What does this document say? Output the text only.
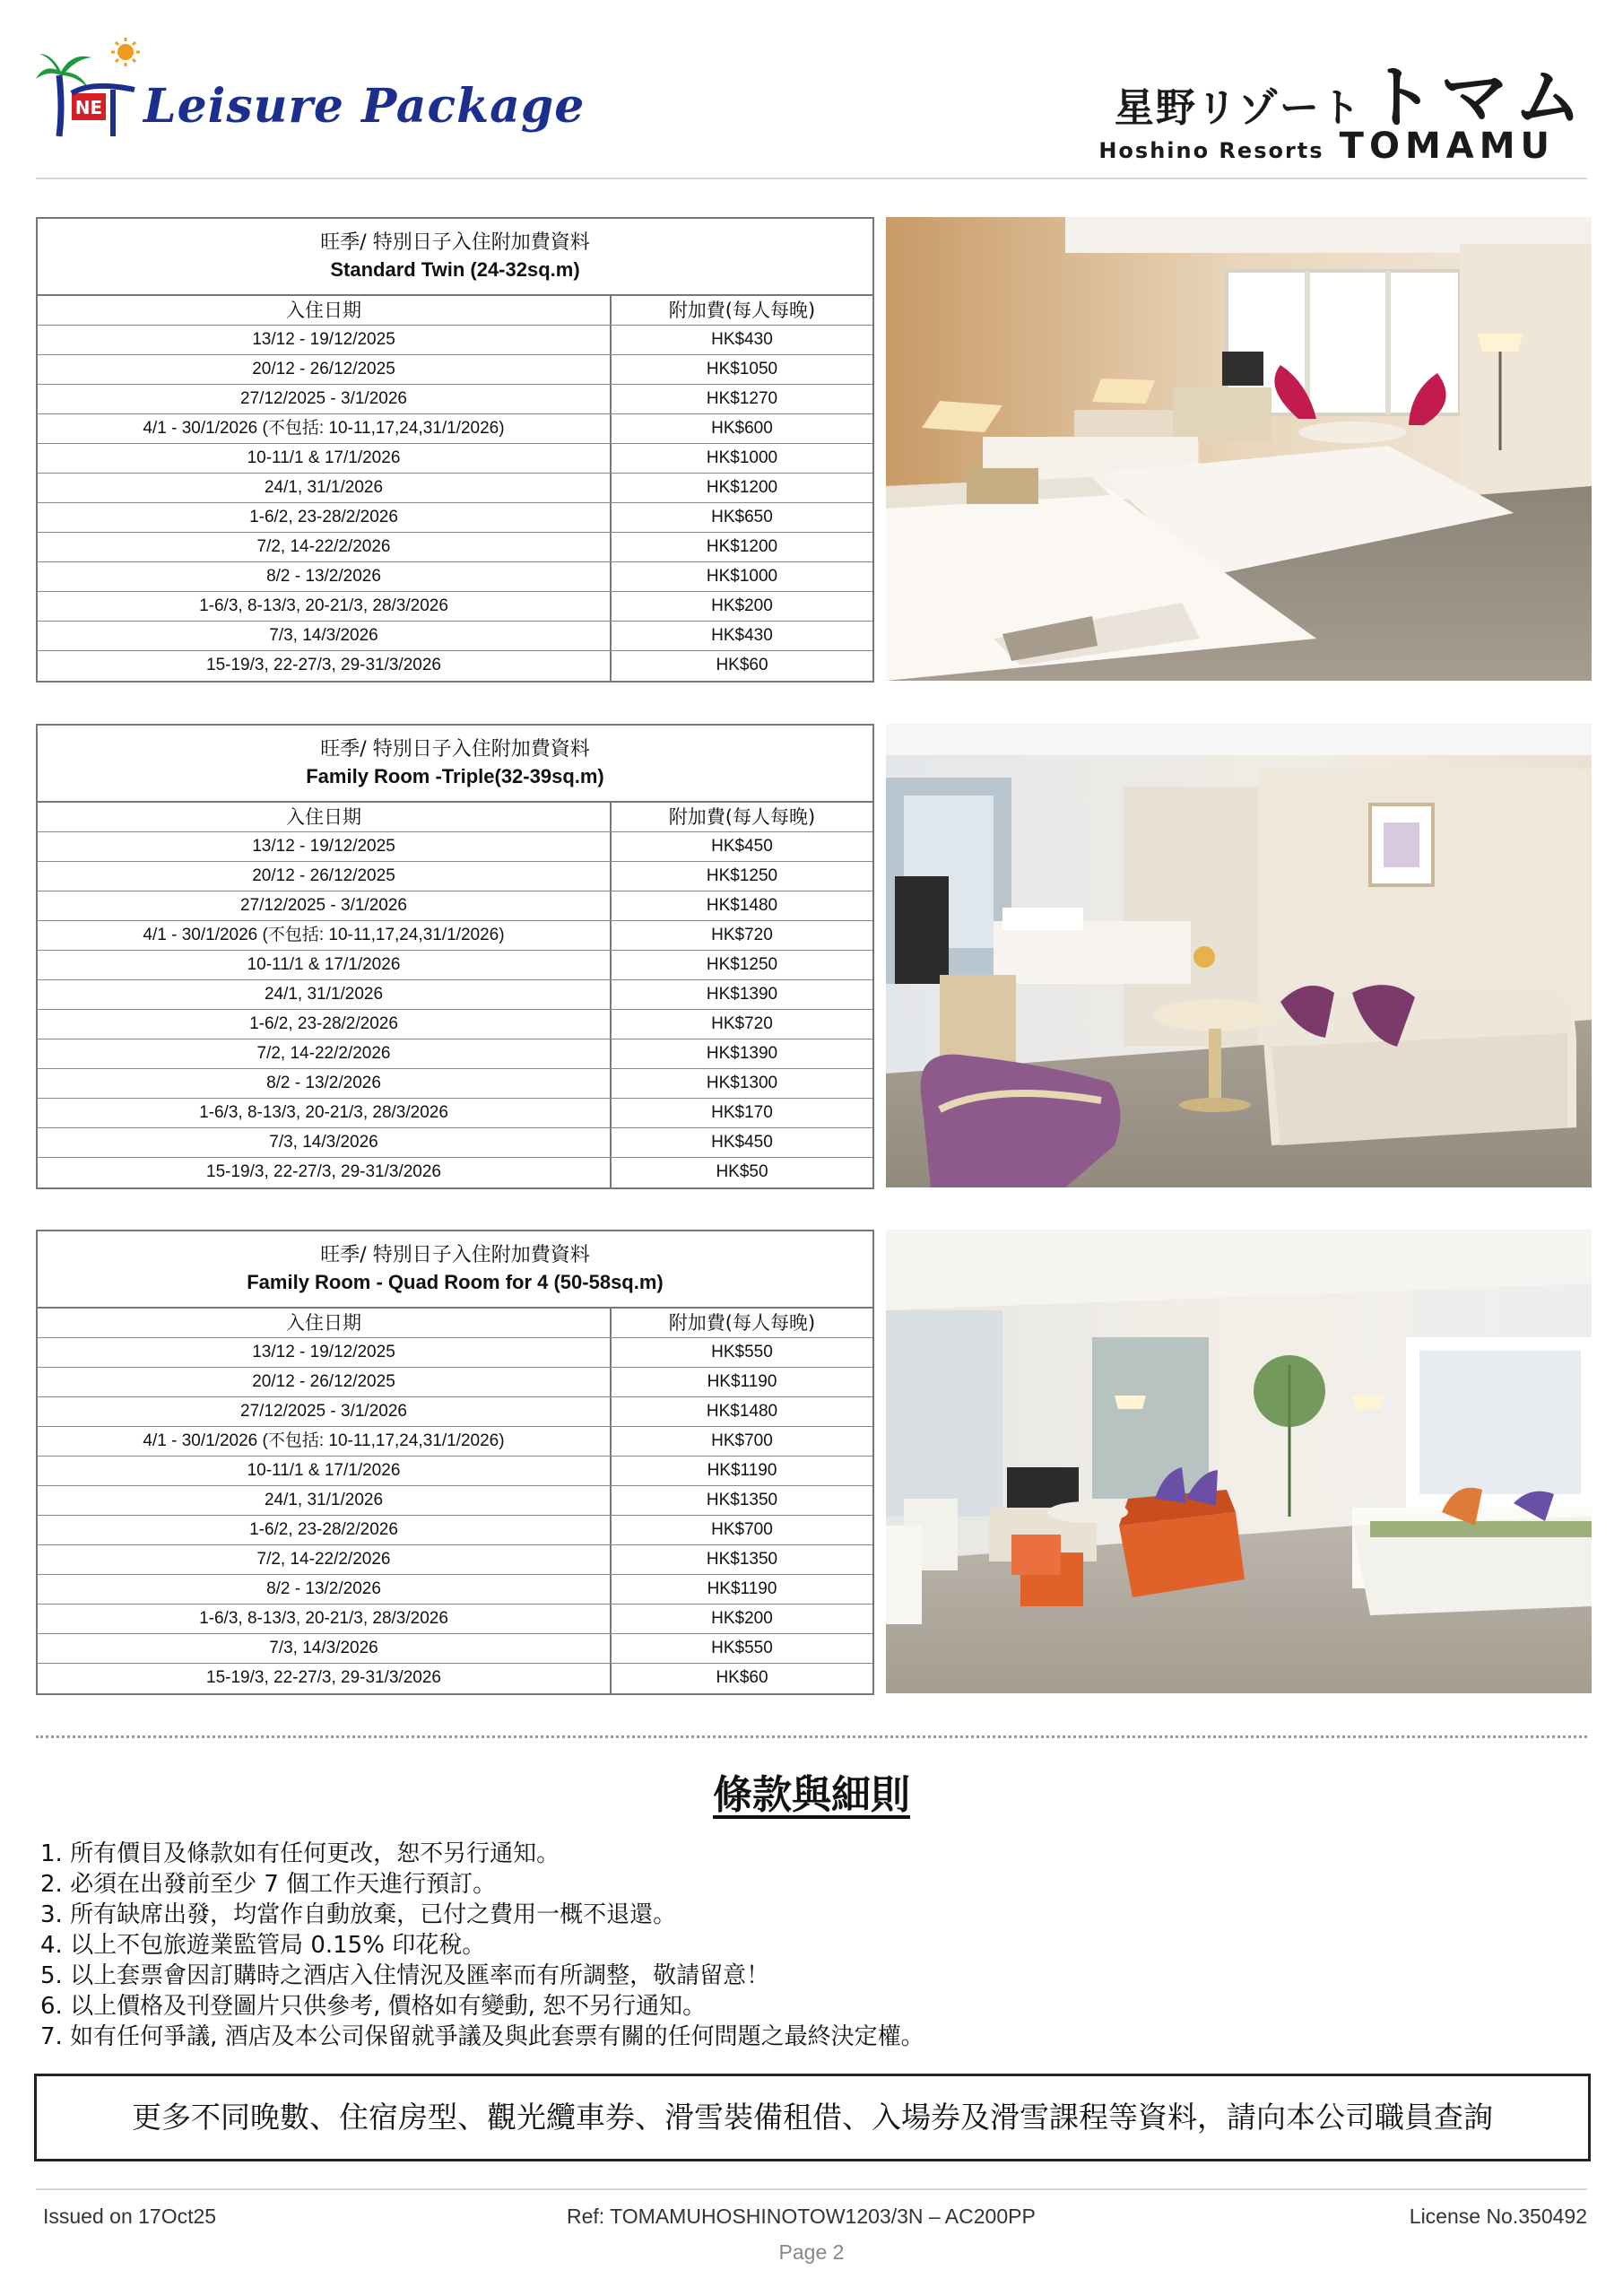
NE Leisure Package	星野リゾート トマム
Hoshino Resorts TOMAMU
旺季/ 特別日子入住附加費資料
Standard Twin (24-32sq.m)
入住日期	附加費(每人每晚)
13/12 - 19/12/2025	HK$430
20/12 - 26/12/2025	HK$1050
27/12/2025 - 3/1/2026	HK$1270
4/1 - 30/1/2026 (不包括: 10-11,17,24,31/1/2026)	HK$600
10-11/1 & 17/1/2026	HK$1000
24/1, 31/1/2026	HK$1200
1-6/2, 23-28/2/2026	HK$650
7/2, 14-22/2/2026	HK$1200
8/2 - 13/2/2026	HK$1000
1-6/3, 8-13/3, 20-21/3, 28/3/2026	HK$200
7/3, 14/3/2026	HK$430
15-19/3, 22-27/3, 29-31/3/2026	HK$60
旺季/ 特別日子入住附加費資料
Family Room -Triple(32-39sq.m)
入住日期	附加費(每人每晚)
13/12 - 19/12/2025	HK$450
20/12 - 26/12/2025	HK$1250
27/12/2025 - 3/1/2026	HK$1480
4/1 - 30/1/2026 (不包括: 10-11,17,24,31/1/2026)	HK$720
10-11/1 & 17/1/2026	HK$1250
24/1, 31/1/2026	HK$1390
1-6/2, 23-28/2/2026	HK$720
7/2, 14-22/2/2026	HK$1390
8/2 - 13/2/2026	HK$1300
1-6/3, 8-13/3, 20-21/3, 28/3/2026	HK$170
7/3, 14/3/2026	HK$450
15-19/3, 22-27/3, 29-31/3/2026	HK$50
旺季/ 特別日子入住附加費資料
Family Room - Quad Room for 4 (50-58sq.m)
入住日期	附加費(每人每晚)
13/12 - 19/12/2025	HK$550
20/12 - 26/12/2025	HK$1190
27/12/2025 - 3/1/2026	HK$1480
4/1 - 30/1/2026 (不包括: 10-11,17,24,31/1/2026)	HK$700
10-11/1 & 17/1/2026	HK$1190
24/1, 31/1/2026	HK$1350
1-6/2, 23-28/2/2026	HK$700
7/2, 14-22/2/2026	HK$1350
8/2 - 13/2/2026	HK$1190
1-6/3, 8-13/3, 20-21/3, 28/3/2026	HK$200
7/3, 14/3/2026	HK$550
15-19/3, 22-27/3, 29-31/3/2026	HK$60
條款與細則
1. 所有價目及條款如有任何更改，恕不另行通知。
2. 必須在出發前至少 7 個工作天進行預訂。
3. 所有缺席出發，均當作自動放棄，已付之費用一概不退還。
4. 以上不包旅遊業監管局 0.15% 印花稅。
5. 以上套票會因訂購時之酒店入住情況及匯率而有所調整，敬請留意！
6. 以上價格及刊登圖片只供參考, 價格如有變動, 恕不另行通知。
7. 如有任何爭議, 酒店及本公司保留就爭議及與此套票有關的任何問題之最終決定權。
更多不同晚數、住宿房型、觀光纜車券、滑雪裝備租借、入場券及滑雪課程等資料，請向本公司職員查詢
Issued on 17Oct25	Ref: TOMAMUHOSHINOTOW1203/3N – AC200PP	License No.350492
Page 2
